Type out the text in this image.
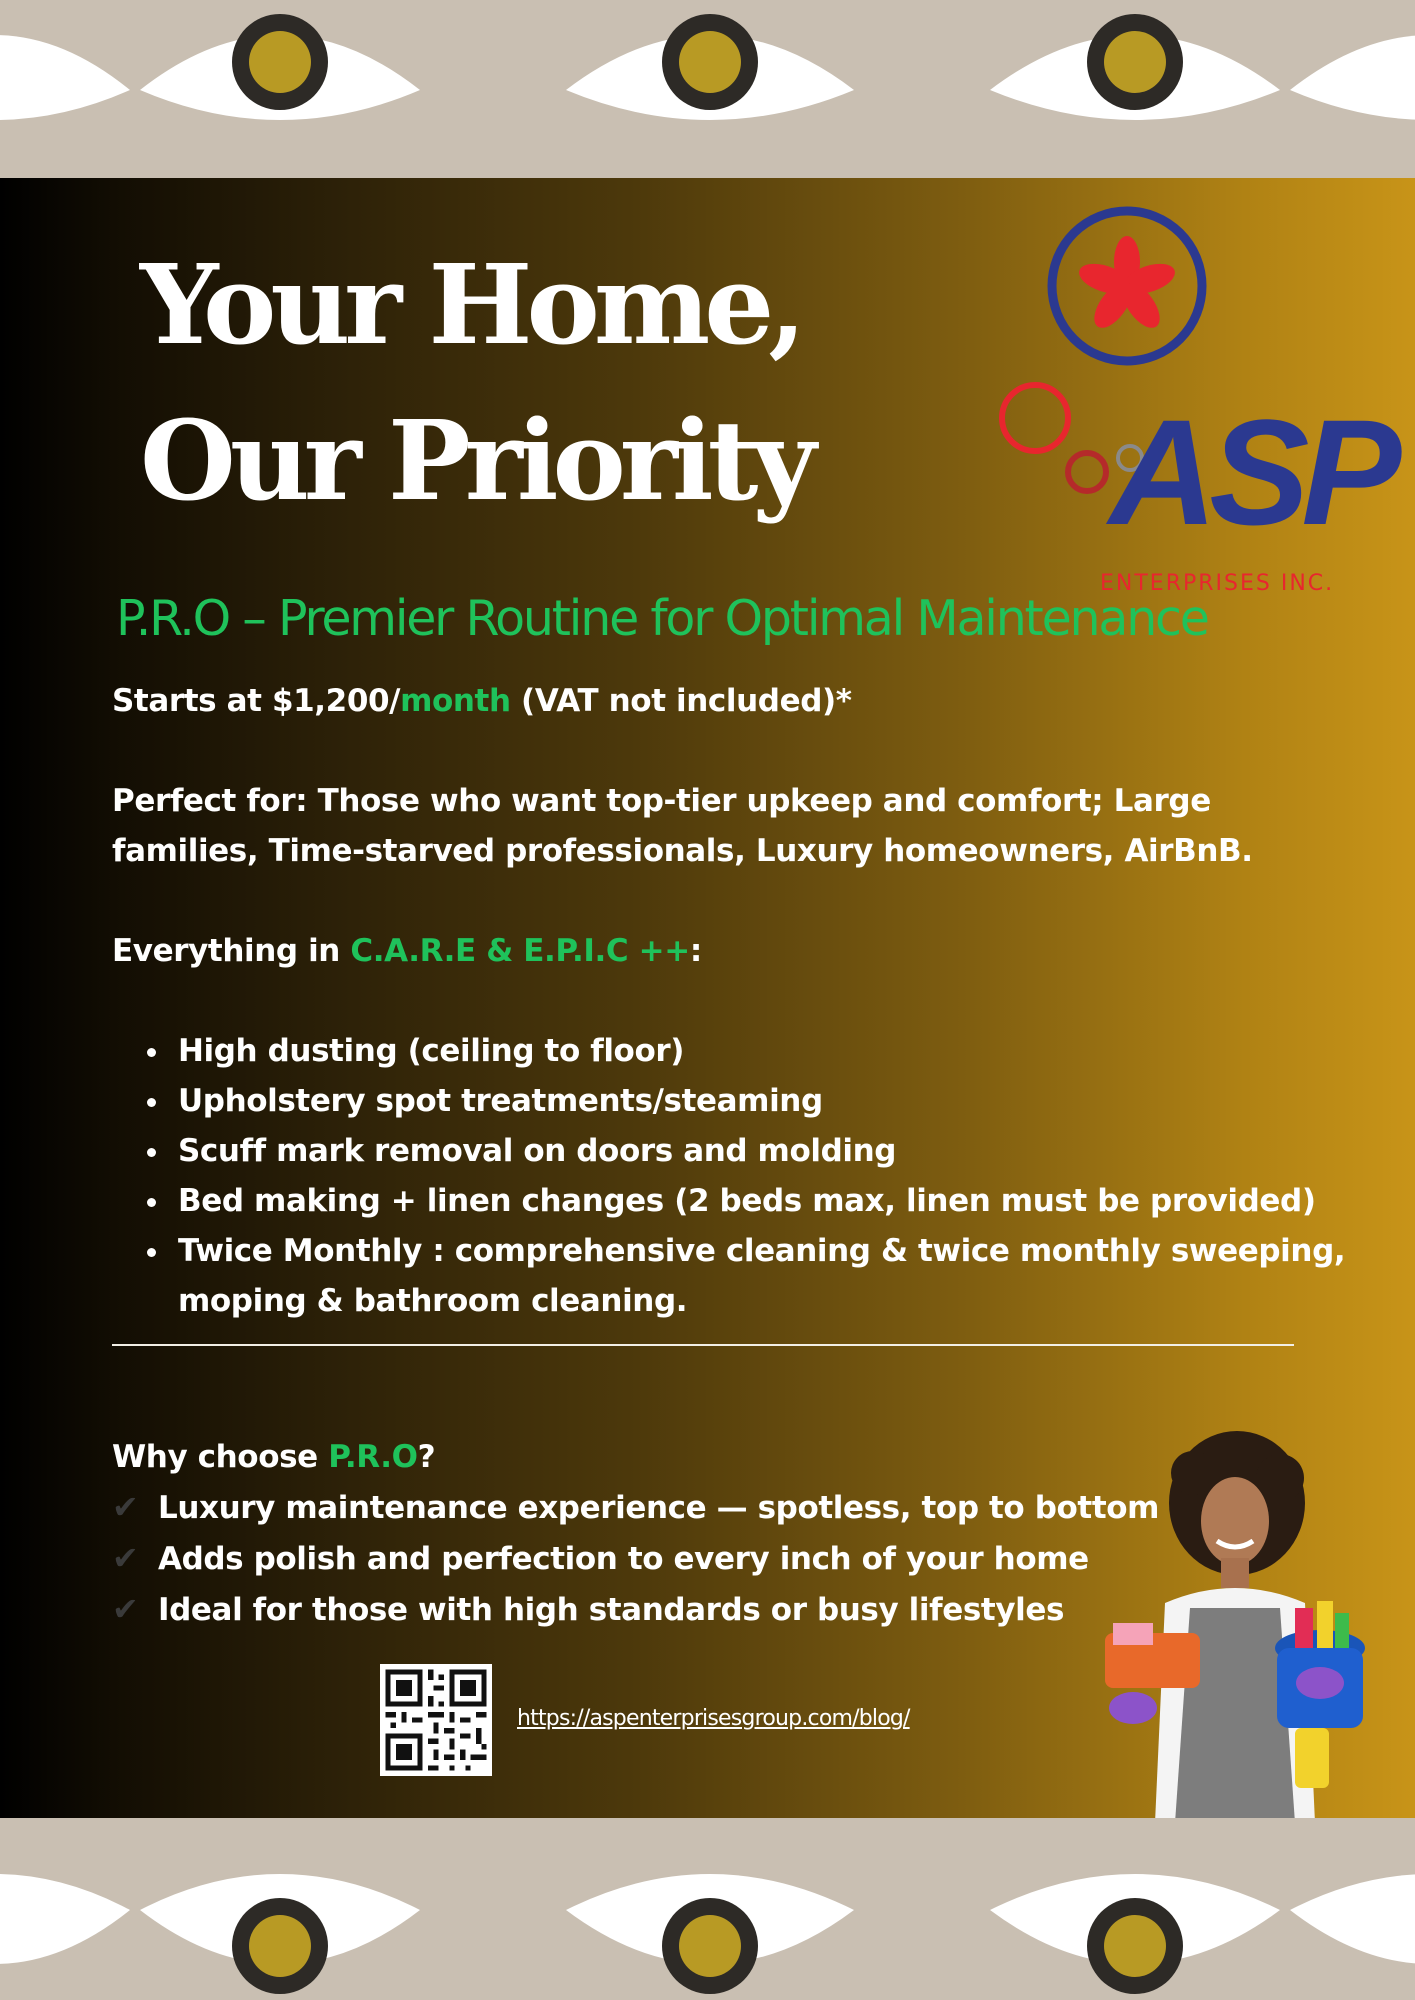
Your Home,
Our Priority	ASP
ENTERPRISES INC.
P.R.O – Premier Routine for Optimal Maintenance

Starts at $1,200/month (VAT not included)*

Perfect for: Those who want top-tier upkeep and comfort; Large families, Time-starved professionals, Luxury homeowners, AirBnB.

Everything in C.A.R.E & E.P.I.C ++:

• High dusting (ceiling to floor)
• Upholstery spot treatments/steaming
• Scuff mark removal on doors and molding
• Bed making + linen changes (2 beds max, linen must be provided)
• Twice Monthly : comprehensive cleaning & twice monthly sweeping, moping & bathroom cleaning.

Why choose P.R.O?

✔ Luxury maintenance experience — spotless, top to bottom
✔ Adds polish and perfection to every inch of your home
✔ Ideal for those with high standards or busy lifestyles
https://aspenterprisesgroup.com/blog/
